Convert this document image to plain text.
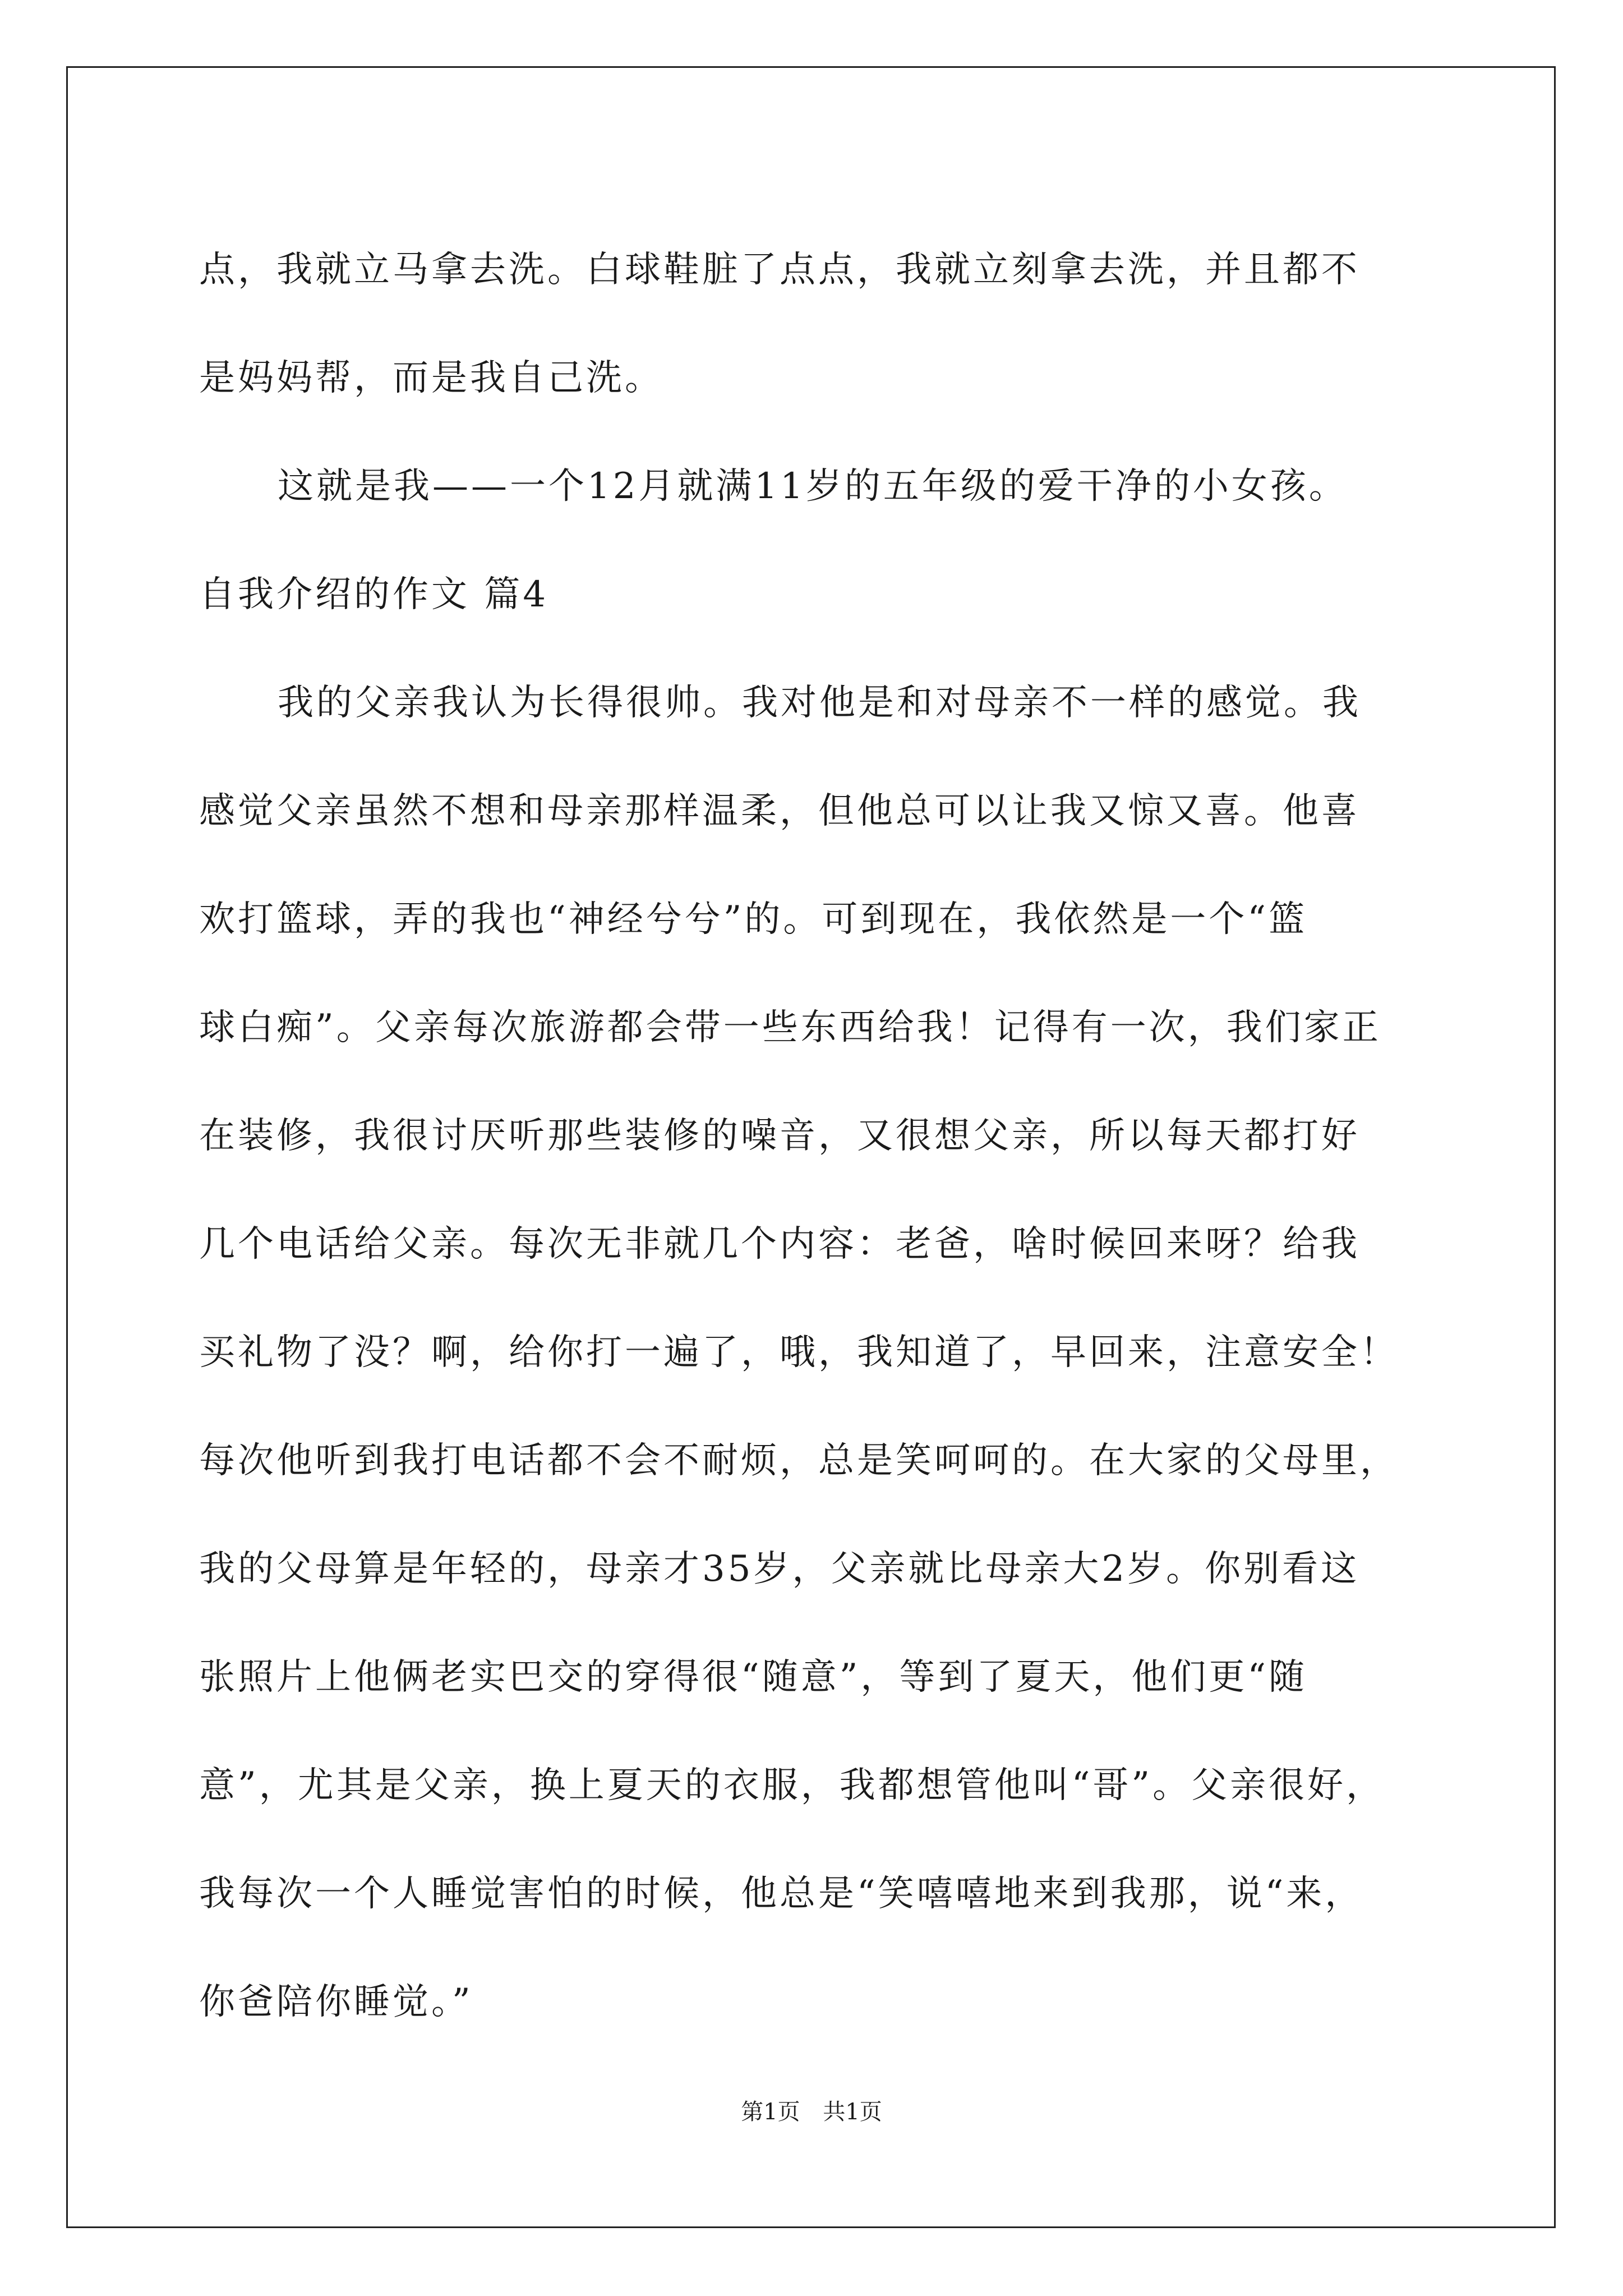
点，我就立马拿去洗。白球鞋脏了点点，我就立刻拿去洗，并且都不
是妈妈帮，而是我自己洗。
这就是我——一个12月就满11岁的五年级的爱干净的小女孩。
自我介绍的作文 篇4
我的父亲我认为长得很帅。我对他是和对母亲不一样的感觉。我
感觉父亲虽然不想和母亲那样温柔，但他总可以让我又惊又喜。他喜
欢打篮球，弄的我也“神经兮兮”的。可到现在，我依然是一个“篮
球白痴”。父亲每次旅游都会带一些东西给我！记得有一次，我们家正
在装修，我很讨厌听那些装修的噪音，又很想父亲，所以每天都打好
几个电话给父亲。每次无非就几个内容：老爸，啥时候回来呀？给我
买礼物了没？啊，给你打一遍了，哦，我知道了，早回来，注意安全！
每次他听到我打电话都不会不耐烦，总是笑呵呵的。在大家的父母里，
我的父母算是年轻的，母亲才35岁，父亲就比母亲大2岁。你别看这
张照片上他俩老实巴交的穿得很“随意”，等到了夏天，他们更“随
意”，尤其是父亲，换上夏天的衣服，我都想管他叫“哥”。父亲很好，
我每次一个人睡觉害怕的时候，他总是“笑嘻嘻地来到我那，说“来，
你爸陪你睡觉。”
第1页 共1页
